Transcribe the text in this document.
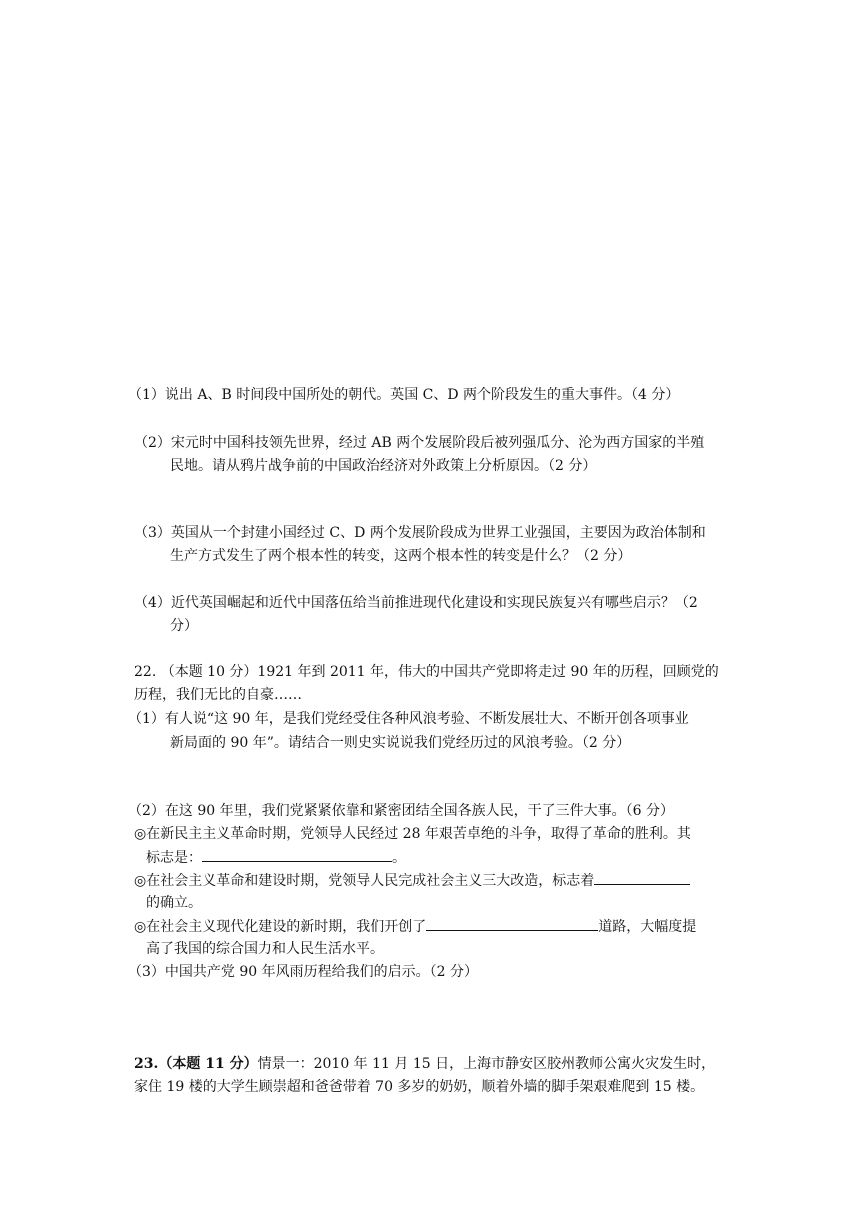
（1）说出 A、B 时间段中国所处的朝代。英国 C、D 两个阶段发生的重大事件。（4 分）
（2）宋元时中国科技领先世界，经过 AB 两个发展阶段后被列强瓜分、沦为西方国家的半殖
民地。请从鸦片战争前的中国政治经济对外政策上分析原因。（2 分）
（3）英国从一个封建小国经过 C、D 两个发展阶段成为世界工业强国，主要因为政治体制和
生产方式发生了两个根本性的转变，这两个根本性的转变是什么？（2 分）
（4）近代英国崛起和近代中国落伍给当前推进现代化建设和实现民族复兴有哪些启示？（2
分）
22. （本题 10 分）1921 年到 2011 年，伟大的中国共产党即将走过 90 年的历程，回顾党的
历程，我们无比的自豪……
（1）有人说“这 90 年，是我们党经受住各种风浪考验、不断发展壮大、不断开创各项事业
新局面的 90 年”。请结合一则史实说说我们党经历过的风浪考验。（2 分）
（2）在这 90 年里，我们党紧紧依靠和紧密团结全国各族人民，干了三件大事。（6 分）
◎在新民主主义革命时期，党领导人民经过 28 年艰苦卓绝的斗争，取得了革命的胜利。其
标志是：	。
◎在社会主义革命和建设时期，党领导人民完成社会主义三大改造，标志着
的确立。
◎在社会主义现代化建设的新时期，我们开创了	道路，大幅度提
高了我国的综合国力和人民生活水平。
（3）中国共产党 90 年风雨历程给我们的启示。（2 分）
23.（本题 11 分）情景一：2010 年 11 月 15 日，上海市静安区胶州教师公寓火灾发生时，
家住 19 楼的大学生顾崇超和爸爸带着 70 多岁的奶奶，顺着外墙的脚手架艰难爬到 15 楼。
